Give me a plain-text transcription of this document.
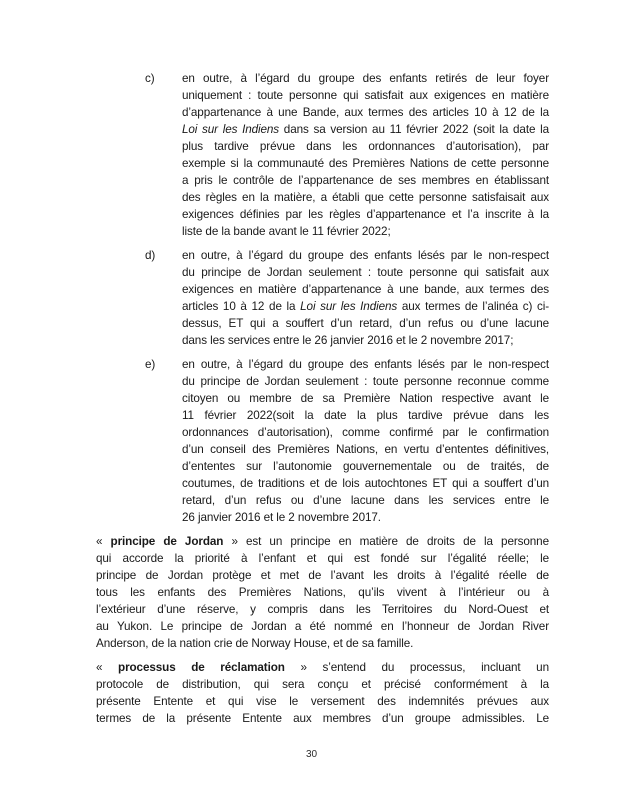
c) en outre, à l’égard du groupe des enfants retirés de leur foyer
uniquement : toute personne qui satisfait aux exigences en matière
d’appartenance à une Bande, aux termes des articles 10 à 12 de la
Loi sur les Indiens dans sa version au 11 février 2022 (soit la date la
plus tardive prévue dans les ordonnances d’autorisation), par
exemple si la communauté des Premières Nations de cette personne
a pris le contrôle de l’appartenance de ses membres en établissant
des règles en la matière, a établi que cette personne satisfaisait aux
exigences définies par les règles d’appartenance et l’a inscrite à la
liste de la bande avant le 11 février 2022;
d) en outre, à l’égard du groupe des enfants lésés par le non-respect
du principe de Jordan seulement : toute personne qui satisfait aux
exigences en matière d’appartenance à une bande, aux termes des
articles 10 à 12 de la Loi sur les Indiens aux termes de l’alinéa c) ci-
dessus, ET qui a souffert d’un retard, d’un refus ou d’une lacune
dans les services entre le 26 janvier 2016 et le 2 novembre 2017;
e) en outre, à l’égard du groupe des enfants lésés par le non-respect
du principe de Jordan seulement : toute personne reconnue comme
citoyen ou membre de sa Première Nation respective avant le
11 février 2022(soit la date la plus tardive prévue dans les
ordonnances d’autorisation), comme confirmé par le confirmation
d’un conseil des Premières Nations, en vertu d’ententes définitives,
d’ententes sur l’autonomie gouvernementale ou de traités, de
coutumes, de traditions et de lois autochtones ET qui a souffert d’un
retard, d’un refus ou d’une lacune dans les services entre le
26 janvier 2016 et le 2 novembre 2017.
« principe de Jordan » est un principe en matière de droits de la personne
qui accorde la priorité à l’enfant et qui est fondé sur l’égalité réelle; le
principe de Jordan protège et met de l’avant les droits à l’égalité réelle de
tous les enfants des Premières Nations, qu’ils vivent à l’intérieur ou à
l’extérieur d’une réserve, y compris dans les Territoires du Nord-Ouest et
au Yukon. Le principe de Jordan a été nommé en l’honneur de Jordan River
Anderson, de la nation crie de Norway House, et de sa famille.
« processus de réclamation » s’entend du processus, incluant un
protocole de distribution, qui sera conçu et précisé conformément à la
présente Entente et qui vise le versement des indemnités prévues aux
termes de la présente Entente aux membres d’un groupe admissibles. Le
30
